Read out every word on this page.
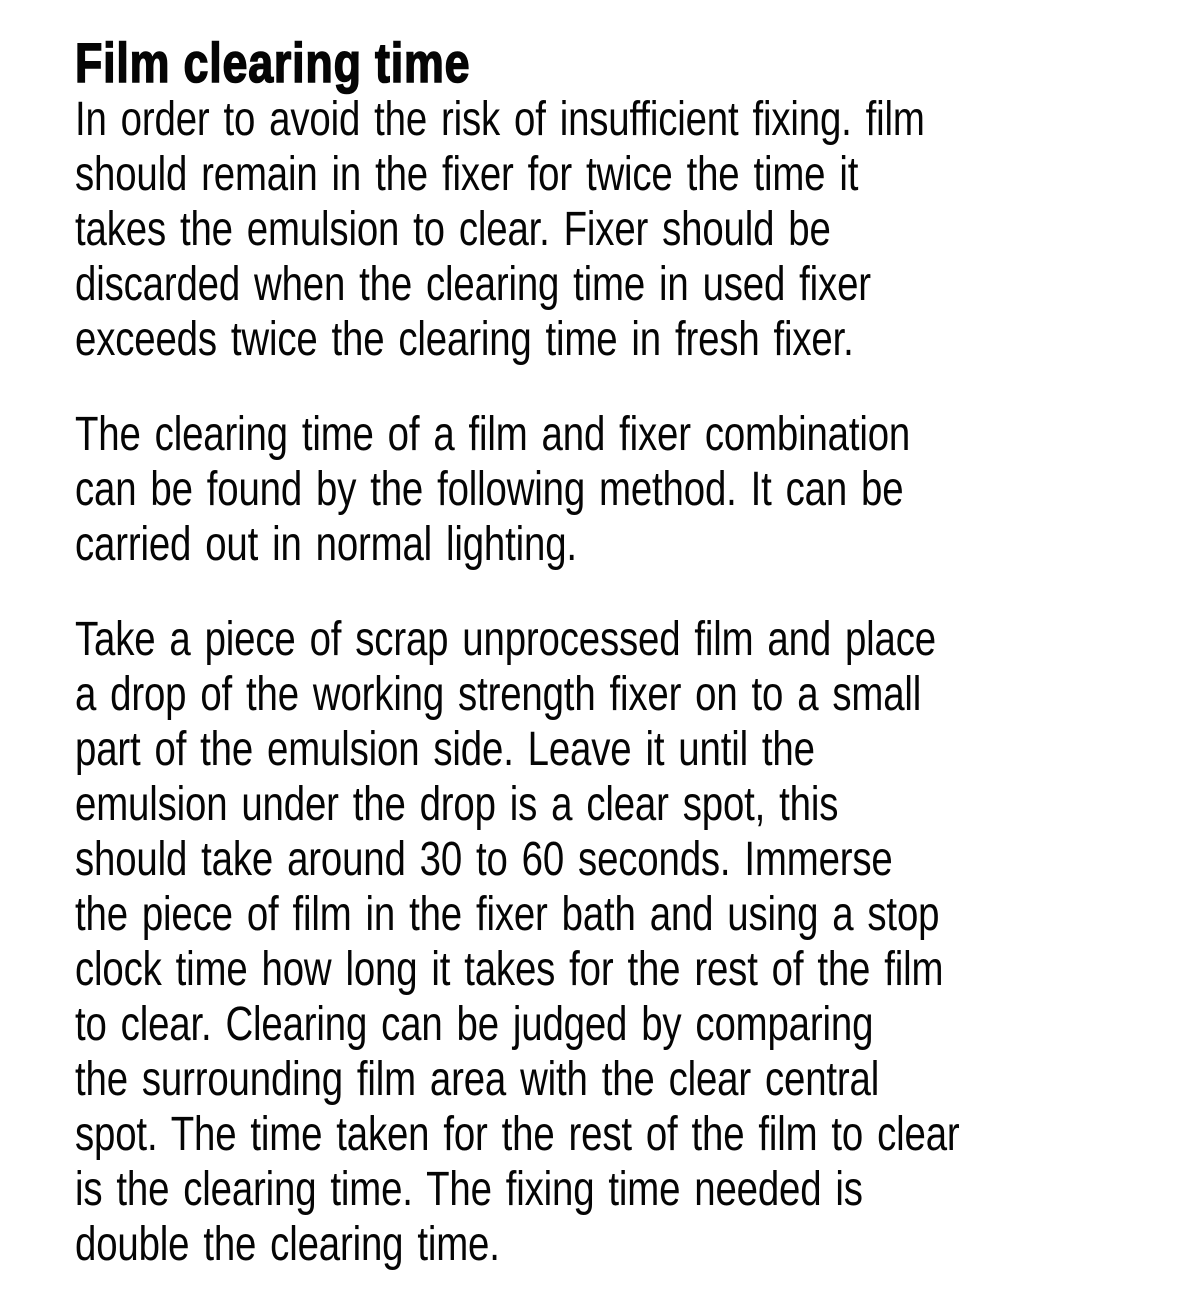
Film clearing time
In order to avoid the risk of insufficient fixing. film
should remain in the fixer for twice the time it
takes the emulsion to clear. Fixer should be
discarded when the clearing time in used fixer
exceeds twice the clearing time in fresh fixer.
The clearing time of a film and fixer combination
can be found by the following method. It can be
carried out in normal lighting.
Take a piece of scrap unprocessed film and place
a drop of the working strength fixer on to a small
part of the emulsion side. Leave it until the
emulsion under the drop is a clear spot, this
should take around 30 to 60 seconds. Immerse
the piece of film in the fixer bath and using a stop
clock time how long it takes for the rest of the film
to clear. Clearing can be judged by comparing
the surrounding film area with the clear central
spot. The time taken for the rest of the film to clear
is the clearing time. The fixing time needed is
double the clearing time.
